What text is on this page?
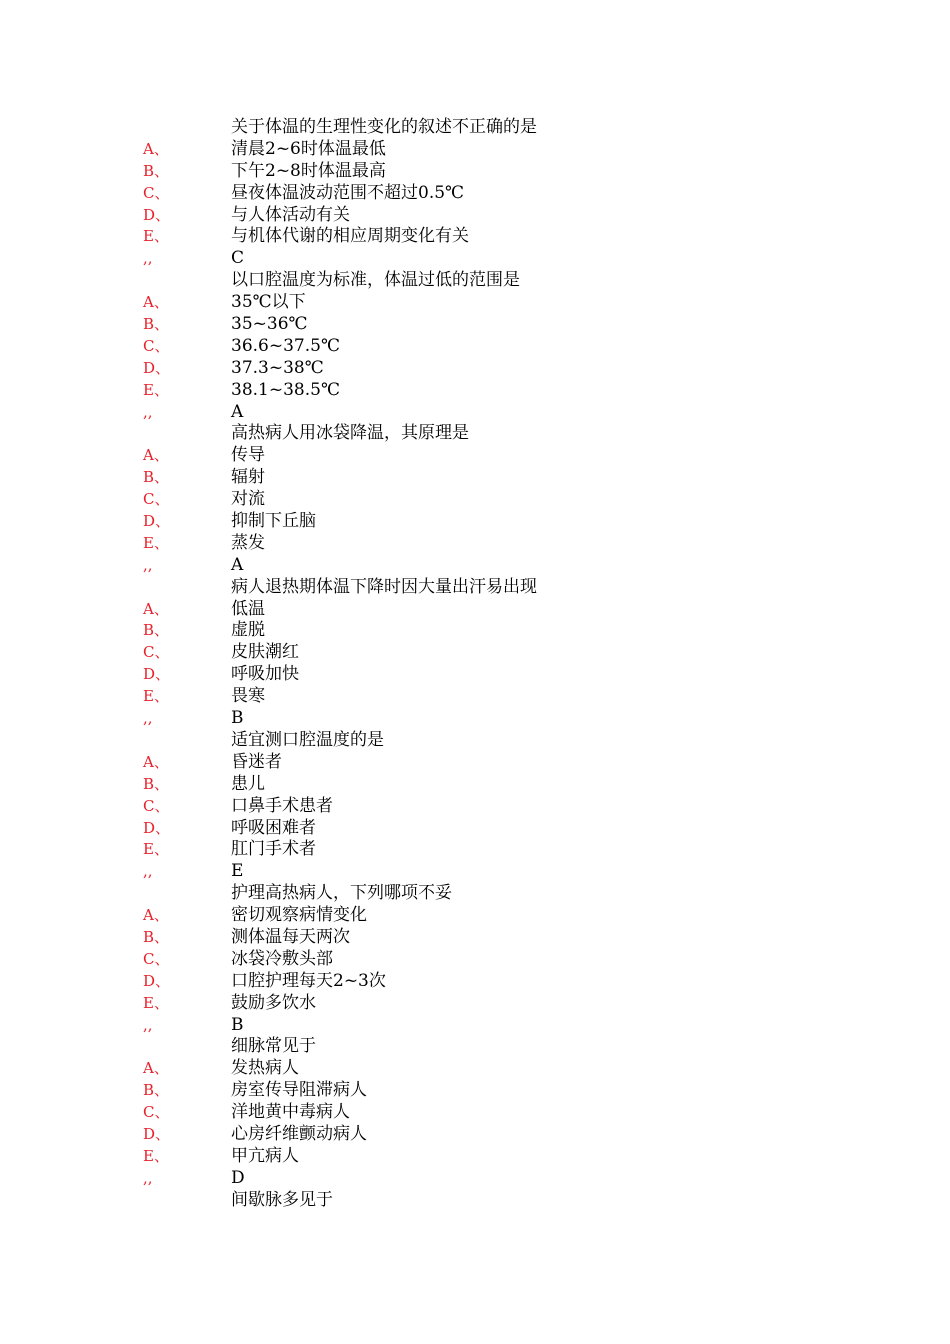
关于体温的生理性变化的叙述不正确的是
A、	清晨2~6时体温最低
B、	下午2~8时体温最高
C、	昼夜体温波动范围不超过0.5℃
D、	与人体活动有关
E、	与机体代谢的相应周期变化有关
,,	C
以口腔温度为标准，体温过低的范围是
A、	35℃以下
B、	35~36℃
C、	36.6~37.5℃
D、	37.3~38℃
E、	38.1~38.5℃
,,	A
高热病人用冰袋降温，其原理是
A、	传导
B、	辐射
C、	对流
D、	抑制下丘脑
E、	蒸发
,,	A
病人退热期体温下降时因大量出汗易出现
A、	低温
B、	虚脱
C、	皮肤潮红
D、	呼吸加快
E、	畏寒
,,	B
适宜测口腔温度的是
A、	昏迷者
B、	患儿
C、	口鼻手术患者
D、	呼吸困难者
E、	肛门手术者
,,	E
护理高热病人，下列哪项不妥
A、	密切观察病情变化
B、	测体温每天两次
C、	冰袋冷敷头部
D、	口腔护理每天2~3次
E、	鼓励多饮水
,,	B
细脉常见于
A、	发热病人
B、	房室传导阻滞病人
C、	洋地黄中毒病人
D、	心房纤维颤动病人
E、	甲亢病人
,,	D
间歇脉多见于
